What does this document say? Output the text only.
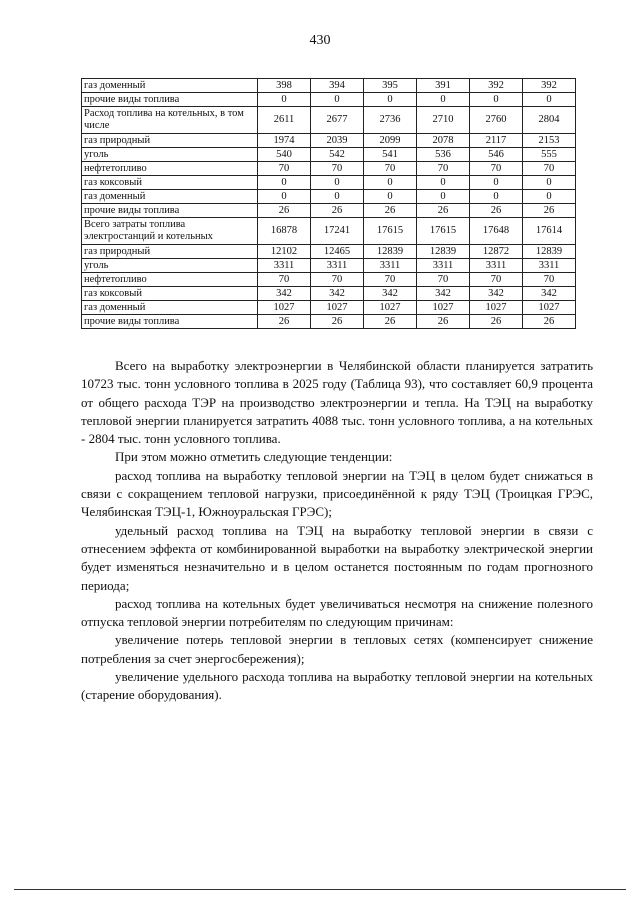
430
газ доменный	398	394	395	391	392	392
прочие виды топлива	0	0	0	0	0	0
Расход топлива на котельных, в том числе	2611	2677	2736	2710	2760	2804
газ природный	1974	2039	2099	2078	2117	2153
уголь	540	542	541	536	546	555
нефтетопливо	70	70	70	70	70	70
газ коксовый	0	0	0	0	0	0
газ доменный	0	0	0	0	0	0
прочие виды топлива	26	26	26	26	26	26
Всего затраты топлива электростанций и котельных	16878	17241	17615	17615	17648	17614
газ природный	12102	12465	12839	12839	12872	12839
уголь	3311	3311	3311	3311	3311	3311
нефтетопливо	70	70	70	70	70	70
газ коксовый	342	342	342	342	342	342
газ доменный	1027	1027	1027	1027	1027	1027
прочие виды топлива	26	26	26	26	26	26

Всего на выработку электроэнергии в Челябинской области планируется затратить 10723 тыс. тонн условного топлива в 2025 году (Таблица 93), что составляет 60,9 процента от общего расхода ТЭР на производство электроэнергии и тепла. На ТЭЦ на выработку тепловой энергии планируется затратить 4088 тыс. тонн условного топлива, а на котельных - 2804 тыс. тонн условного топлива.

При этом можно отметить следующие тенденции:

расход топлива на выработку тепловой энергии на ТЭЦ в целом будет снижаться в связи с сокращением тепловой нагрузки, присоединённой к ряду ТЭЦ (Троицкая ГРЭС, Челябинская ТЭЦ-1, Южноуральская ГРЭС);

удельный расход топлива на ТЭЦ на выработку тепловой энергии в связи с отнесением эффекта от комбинированной выработки на выработку электрической энергии будет изменяться незначительно и в целом останется постоянным по годам прогнозного периода;

расход топлива на котельных будет увеличиваться несмотря на снижение полезного отпуска тепловой энергии потребителям по следующим причинам:

увеличение потерь тепловой энергии в тепловых сетях (компенсирует снижение потребления за счет энергосбережения);

увеличение удельного расхода топлива на выработку тепловой энергии на котельных (старение оборудования).
